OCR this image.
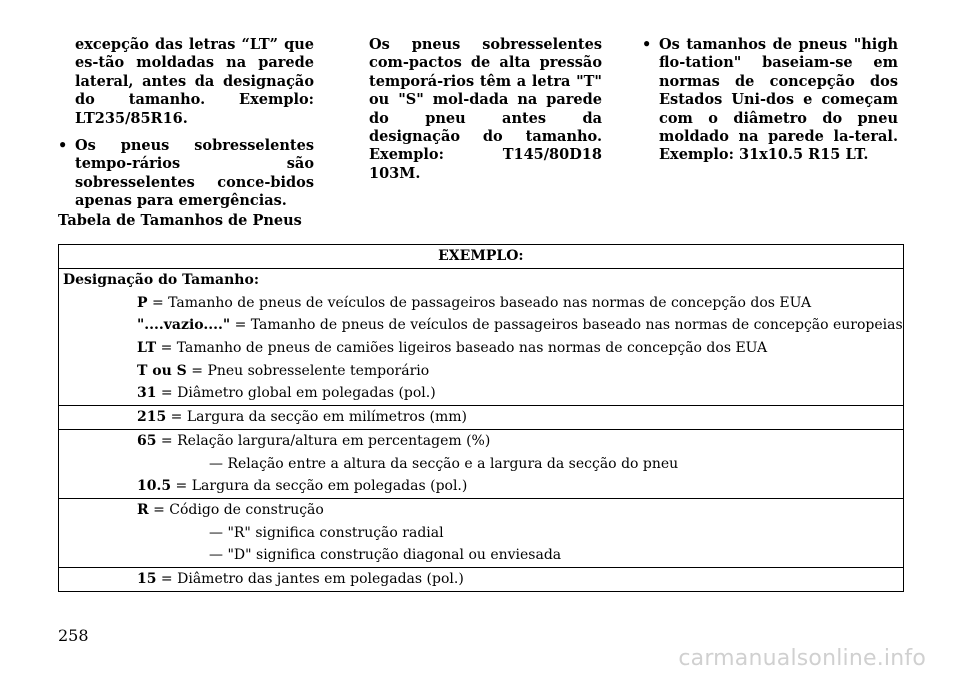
excepção das letras “LT” que es-tão moldadas na parede lateral, antes da designação do tamanho. Exemplo: LT235/85R16.

• Os pneus sobresselentes tempo-rários são sobresselentes conce-bidos apenas para emergências.

Os pneus sobresselentes com-pactos de alta pressão temporá-rios têm a letra "T" ou "S" mol-dada na parede do pneu antes da designação do tamanho. Exemplo: T145/80D18 103M.

• Os tamanhos de pneus "high flo-tation" baseiam-se em normas de concepção dos Estados Uni-dos e começam com o diâmetro do pneu moldado na parede la-teral. Exemplo: 31x10.5 R15 LT.

Tabela de Tamanhos de Pneus
EXEMPLO:

Designação do Tamanho:
P = Tamanho de pneus de veículos de passageiros baseado nas normas de concepção dos EUA
"....vazio...." = Tamanho de pneus de veículos de passageiros baseado nas normas de concepção europeias
LT = Tamanho de pneus de camiões ligeiros baseado nas normas de concepção dos EUA
T ou S = Pneu sobresselente temporário
31 = Diâmetro global em polegadas (pol.)

215 = Largura da secção em milímetros (mm)

65 = Relação largura/altura em percentagem (%)
— Relação entre a altura da secção e a largura da secção do pneu
10.5 = Largura da secção em polegadas (pol.)

R = Código de construção
— "R" significa construção radial
— "D" significa construção diagonal ou enviesada

15 = Diâmetro das jantes em polegadas (pol.)
258
carmanualsonline.info
